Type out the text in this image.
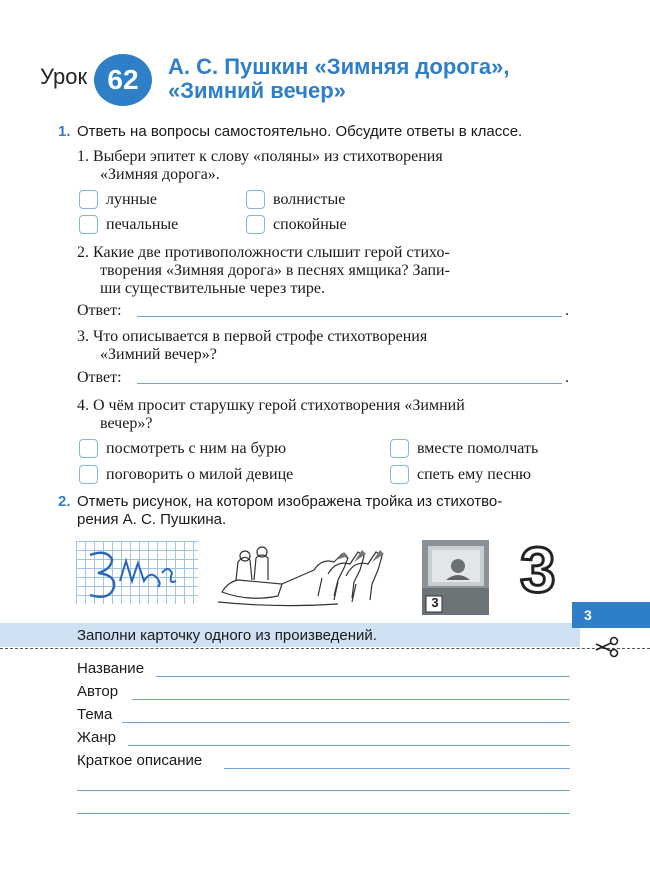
Урок 62	А. С. Пушкин «Зимняя дорога»,
«Зимний вечер»
1. Ответь на вопросы самостоятельно. Обсудите ответы в классе.
1. Выбери эпитет к слову «поляны» из стихотворения
«Зимняя дорога».
лунные	волнистые
печальные	спокойные
2. Какие две противоположности слышит герой стихо-
творения «Зимняя дорога» в песнях ямщика? Запи-
ши существительные через тире.
Ответ:	.
3. Что описывается в первой строфе стихотворения
«Зимний вечер»?
Ответ:	.
4. О чём просит старушку герой стихотворения «Зимний
вечер»?
посмотреть с ним на бурю	вместе помолчать
поговорить о милой девице	спеть ему песню
2. Отметь рисунок, на котором изображена тройка из стихотво-
рения А. С. Пушкина.
3 3
3
Заполни карточку одного из произведений.
Название
Автор
Тема
Жанр
Краткое описание
